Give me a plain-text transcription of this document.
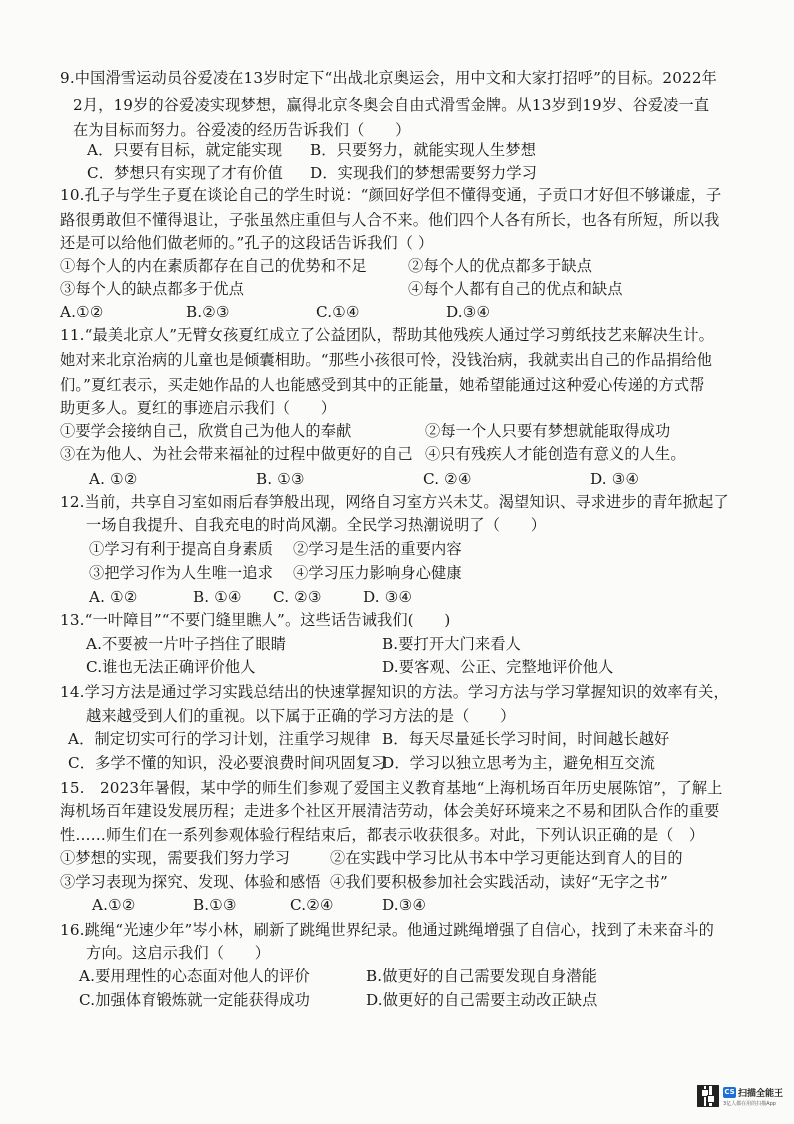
9.中国滑雪运动员谷爱凌在13岁时定下“出战北京奥运会，用中文和大家打招呼”的目标。2022年
2月，19岁的谷爱凌实现梦想，赢得北京冬奥会自由式滑雪金牌。从13岁到19岁、谷爱凌一直
在为目标而努力。谷爱凌的经历告诉我们（　　）
A．只要有目标，就定能实现 B．只要努力，就能实现人生梦想
C．梦想只有实现了才有价值 D．实现我们的梦想需要努力学习
10.孔子与学生子夏在谈论自己的学生时说：“颜回好学但不懂得变通，子贡口才好但不够谦虚，子
路很勇敢但不懂得退让，子张虽然庄重但与人合不来。他们四个人各有所长，也各有所短，所以我
还是可以给他们做老师的。”孔子的这段话告诉我们（ ）
①每个人的内在素质都存在自己的优势和不足	②每个人的优点都多于缺点
③每个人的缺点都多于优点	④每个人都有自己的优点和缺点
A.①②	B.②③	C.①④	D.③④
11.“最美北京人”无臂女孩夏红成立了公益团队，帮助其他残疾人通过学习剪纸技艺来解决生计。
她对来北京治病的儿童也是倾囊相助。“那些小孩很可怜，没钱治病，我就卖出自己的作品捐给他
们。”夏红表示，买走她作品的人也能感受到其中的正能量，她希望能通过这种爱心传递的方式帮
助更多人。夏红的事迹启示我们（　　）
①要学会接纳自己，欣赏自己为他人的奉献	②每一个人只要有梦想就能取得成功
③在为他人、为社会带来福祉的过程中做更好的自己 ④只有残疾人才能创造有意义的人生。
A. ①②	B. ①③	C. ②④	D. ③④
12.当前，共享自习室如雨后春笋般出现，网络自习室方兴未艾。渴望知识、寻求进步的青年掀起了
一场自我提升、自我充电的时尚风潮。全民学习热潮说明了（　　）
①学习有利于提高自身素质 ②学习是生活的重要内容
③把学习作为人生唯一追求 ④学习压力影响身心健康
A. ①②	B. ①④ C. ②③	D. ③④
13.“一叶障目”“不要门缝里瞧人”。这些话告诫我们(　　)
A.不要被一片叶子挡住了眼睛	B.要打开大门来看人
C.谁也无法正确评价他人	D.要客观、公正、完整地评价他人
14.学习方法是通过学习实践总结出的快速掌握知识的方法。学习方法与学习掌握知识的效率有关，
越来越受到人们的重视。以下属于正确的学习方法的是（　　）
A．制定切实可行的学习计划，注重学习规律 B．每天尽量延长学习时间，时间越长越好
C．多学不懂的知识，没必要浪费时间巩固复习
D．学习以独立思考为主，避免相互交流
15.　2023年暑假，某中学的师生们参观了爱国主义教育基地“上海机场百年历史展陈馆”，了解上
海机场百年建设发展历程；走进多个社区开展清洁劳动，体会美好环境来之不易和团队合作的重要
性……师生们在一系列参观体验行程结束后，都表示收获很多。对此，下列认识正确的是（　）
①梦想的实现，需要我们努力学习	②在实践中学习比从书本中学习更能达到育人的目的
③学习表现为探究、发现、体验和感悟 ④我们要积极参加社会实践活动，读好“无字之书”
A.①②	B.①③	C.②④	D.③④
16.跳绳“光速少年”岑小林，刷新了跳绳世界纪录。他通过跳绳增强了自信心，找到了未来奋斗的
方向。这启示我们（　　）
A.要用理性的心态面对他人的评价	B.做更好的自己需要发现自身潜能
C.加强体育锻炼就一定能获得成功	D.做更好的自己需要主动改正缺点
CS 扫描全能王
3亿人都在用的扫描App
